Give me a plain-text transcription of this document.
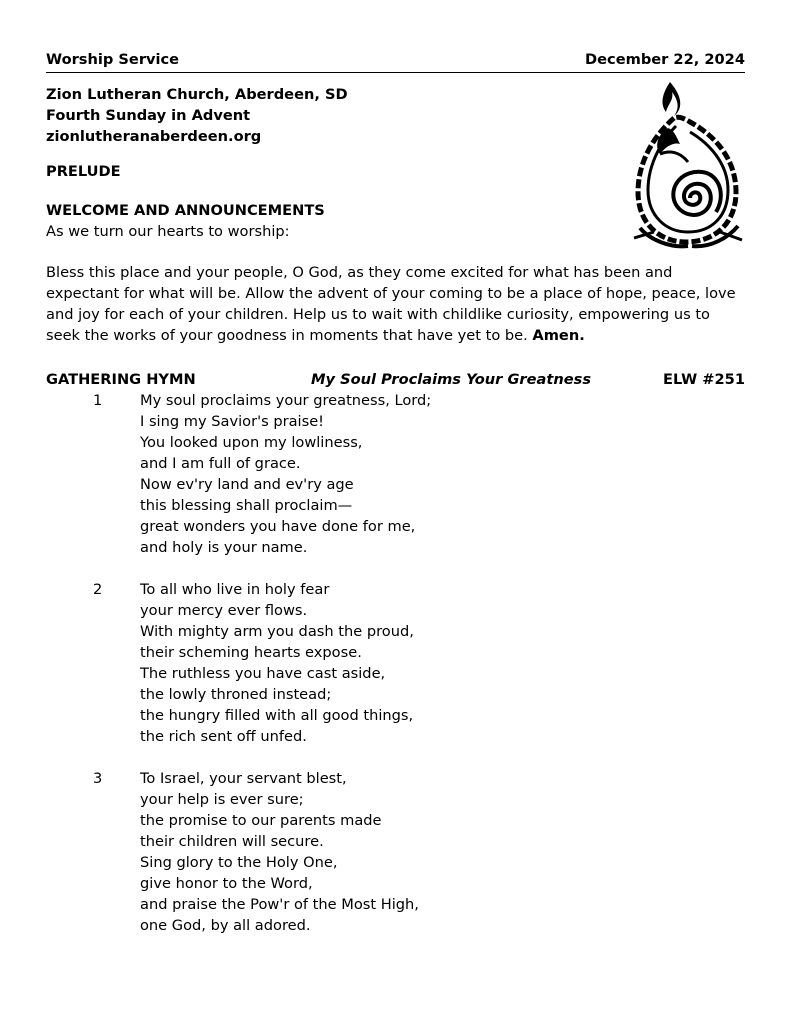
Worship Service	December 22, 2024
Zion Lutheran Church, Aberdeen, SD
Fourth Sunday in Advent
zionlutheranaberdeen.org
PRELUDE
WELCOME AND ANNOUNCEMENTS
As we turn our hearts to worship:
Bless this place and your people, O God, as they come excited for what has been and expectant for what will be. Allow the advent of your coming to be a place of hope, peace, love and joy for each of your children. Help us to wait with childlike curiosity, empowering us to seek the works of your goodness in moments that have yet to be. Amen.
GATHERING HYMN	My Soul Proclaims Your Greatness	ELW #251
1	My soul proclaims your greatness, Lord;
I sing my Savior's praise!
You looked upon my lowliness,
and I am full of grace.
Now ev'ry land and ev'ry age
this blessing shall proclaim—
great wonders you have done for me,
and holy is your name.
2	To all who live in holy fear
your mercy ever flows.
With mighty arm you dash the proud,
their scheming hearts expose.
The ruthless you have cast aside,
the lowly throned instead;
the hungry filled with all good things,
the rich sent off unfed.
3	To Israel, your servant blest,
your help is ever sure;
the promise to our parents made
their children will secure.
Sing glory to the Holy One,
give honor to the Word,
and praise the Pow'r of the Most High,
one God, by all adored.
